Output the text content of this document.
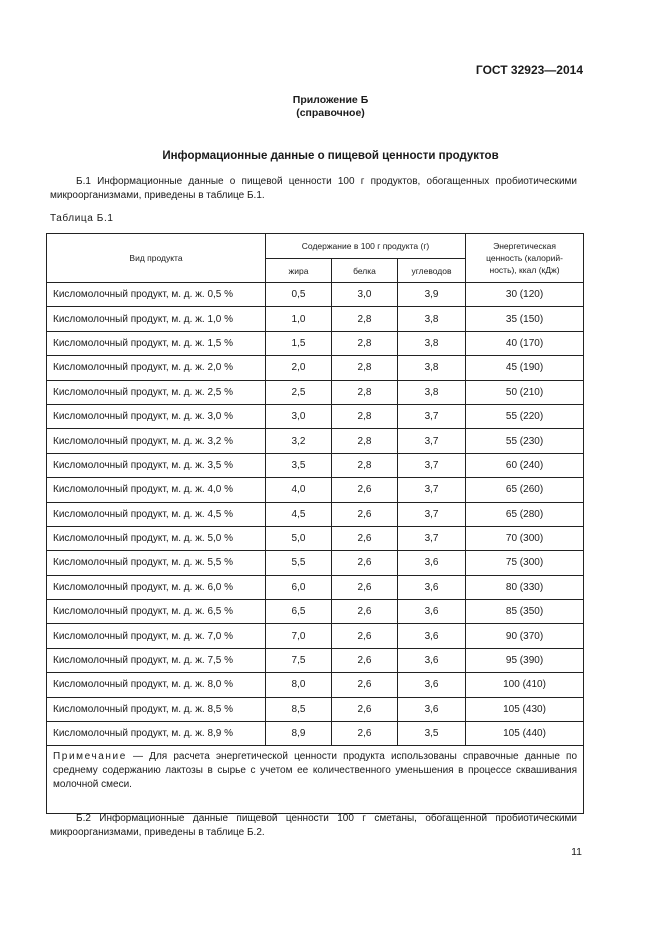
ГОСТ 32923—2014
Приложение Б
(справочное)
Информационные данные о пищевой ценности продуктов
Б.1 Информационные данные о пищевой ценности 100 г продуктов, обогащенных пробиотическими микроорганизмами, приведены в таблице Б.1.
Таблица Б.1
Вид продукта	Содержание в 100 г продукта (г)			Энергетическая
ценность (калорий-
ность), ккал (кДж)

	жира	белка	углеводов	
Кисломолочный продукт, м. д. ж. 0,5 %	0,5	3,0	3,9	30 (120)
Кисломолочный продукт, м. д. ж. 1,0 %	1,0	2,8	3,8	35 (150)
Кисломолочный продукт, м. д. ж. 1,5 %	1,5	2,8	3,8	40 (170)
Кисломолочный продукт, м. д. ж. 2,0 %	2,0	2,8	3,8	45 (190)
Кисломолочный продукт, м. д. ж. 2,5 %	2,5	2,8	3,8	50 (210)
Кисломолочный продукт, м. д. ж. 3,0 %	3,0	2,8	3,7	55 (220)
Кисломолочный продукт, м. д. ж. 3,2 %	3,2	2,8	3,7	55 (230)
Кисломолочный продукт, м. д. ж. 3,5 %	3,5	2,8	3,7	60 (240)
Кисломолочный продукт, м. д. ж. 4,0 %	4,0	2,6	3,7	65 (260)
Кисломолочный продукт, м. д. ж. 4,5 %	4,5	2,6	3,7	65 (280)
Кисломолочный продукт, м. д. ж. 5,0 %	5,0	2,6	3,7	70 (300)
Кисломолочный продукт, м. д. ж. 5,5 %	5,5	2,6	3,6	75 (300)
Кисломолочный продукт, м. д. ж. 6,0 %	6,0	2,6	3,6	80 (330)
Кисломолочный продукт, м. д. ж. 6,5 %	6,5	2,6	3,6	85 (350)
Кисломолочный продукт, м. д. ж. 7,0 %	7,0	2,6	3,6	90 (370)
Кисломолочный продукт, м. д. ж. 7,5 %	7,5	2,6	3,6	95 (390)
Кисломолочный продукт, м. д. ж. 8,0 %	8,0	2,6	3,6	100 (410)
Кисломолочный продукт, м. д. ж. 8,5 %	8,5	2,6	3,6	105 (430)
Кисломолочный продукт, м. д. ж. 8,9 %	8,9	2,6	3,5	105 (440)
Примечание — Для расчета энергетической ценности продукта использованы справочные данные по среднему содержанию лактозы в сырье с учетом ее количественного уменьшения в процессе сквашивания молочной смеси.				
Б.2 Информационные данные пищевой ценности 100 г сметаны, обогащенной пробиотическими микроорганизмами, приведены в таблице Б.2.
11
